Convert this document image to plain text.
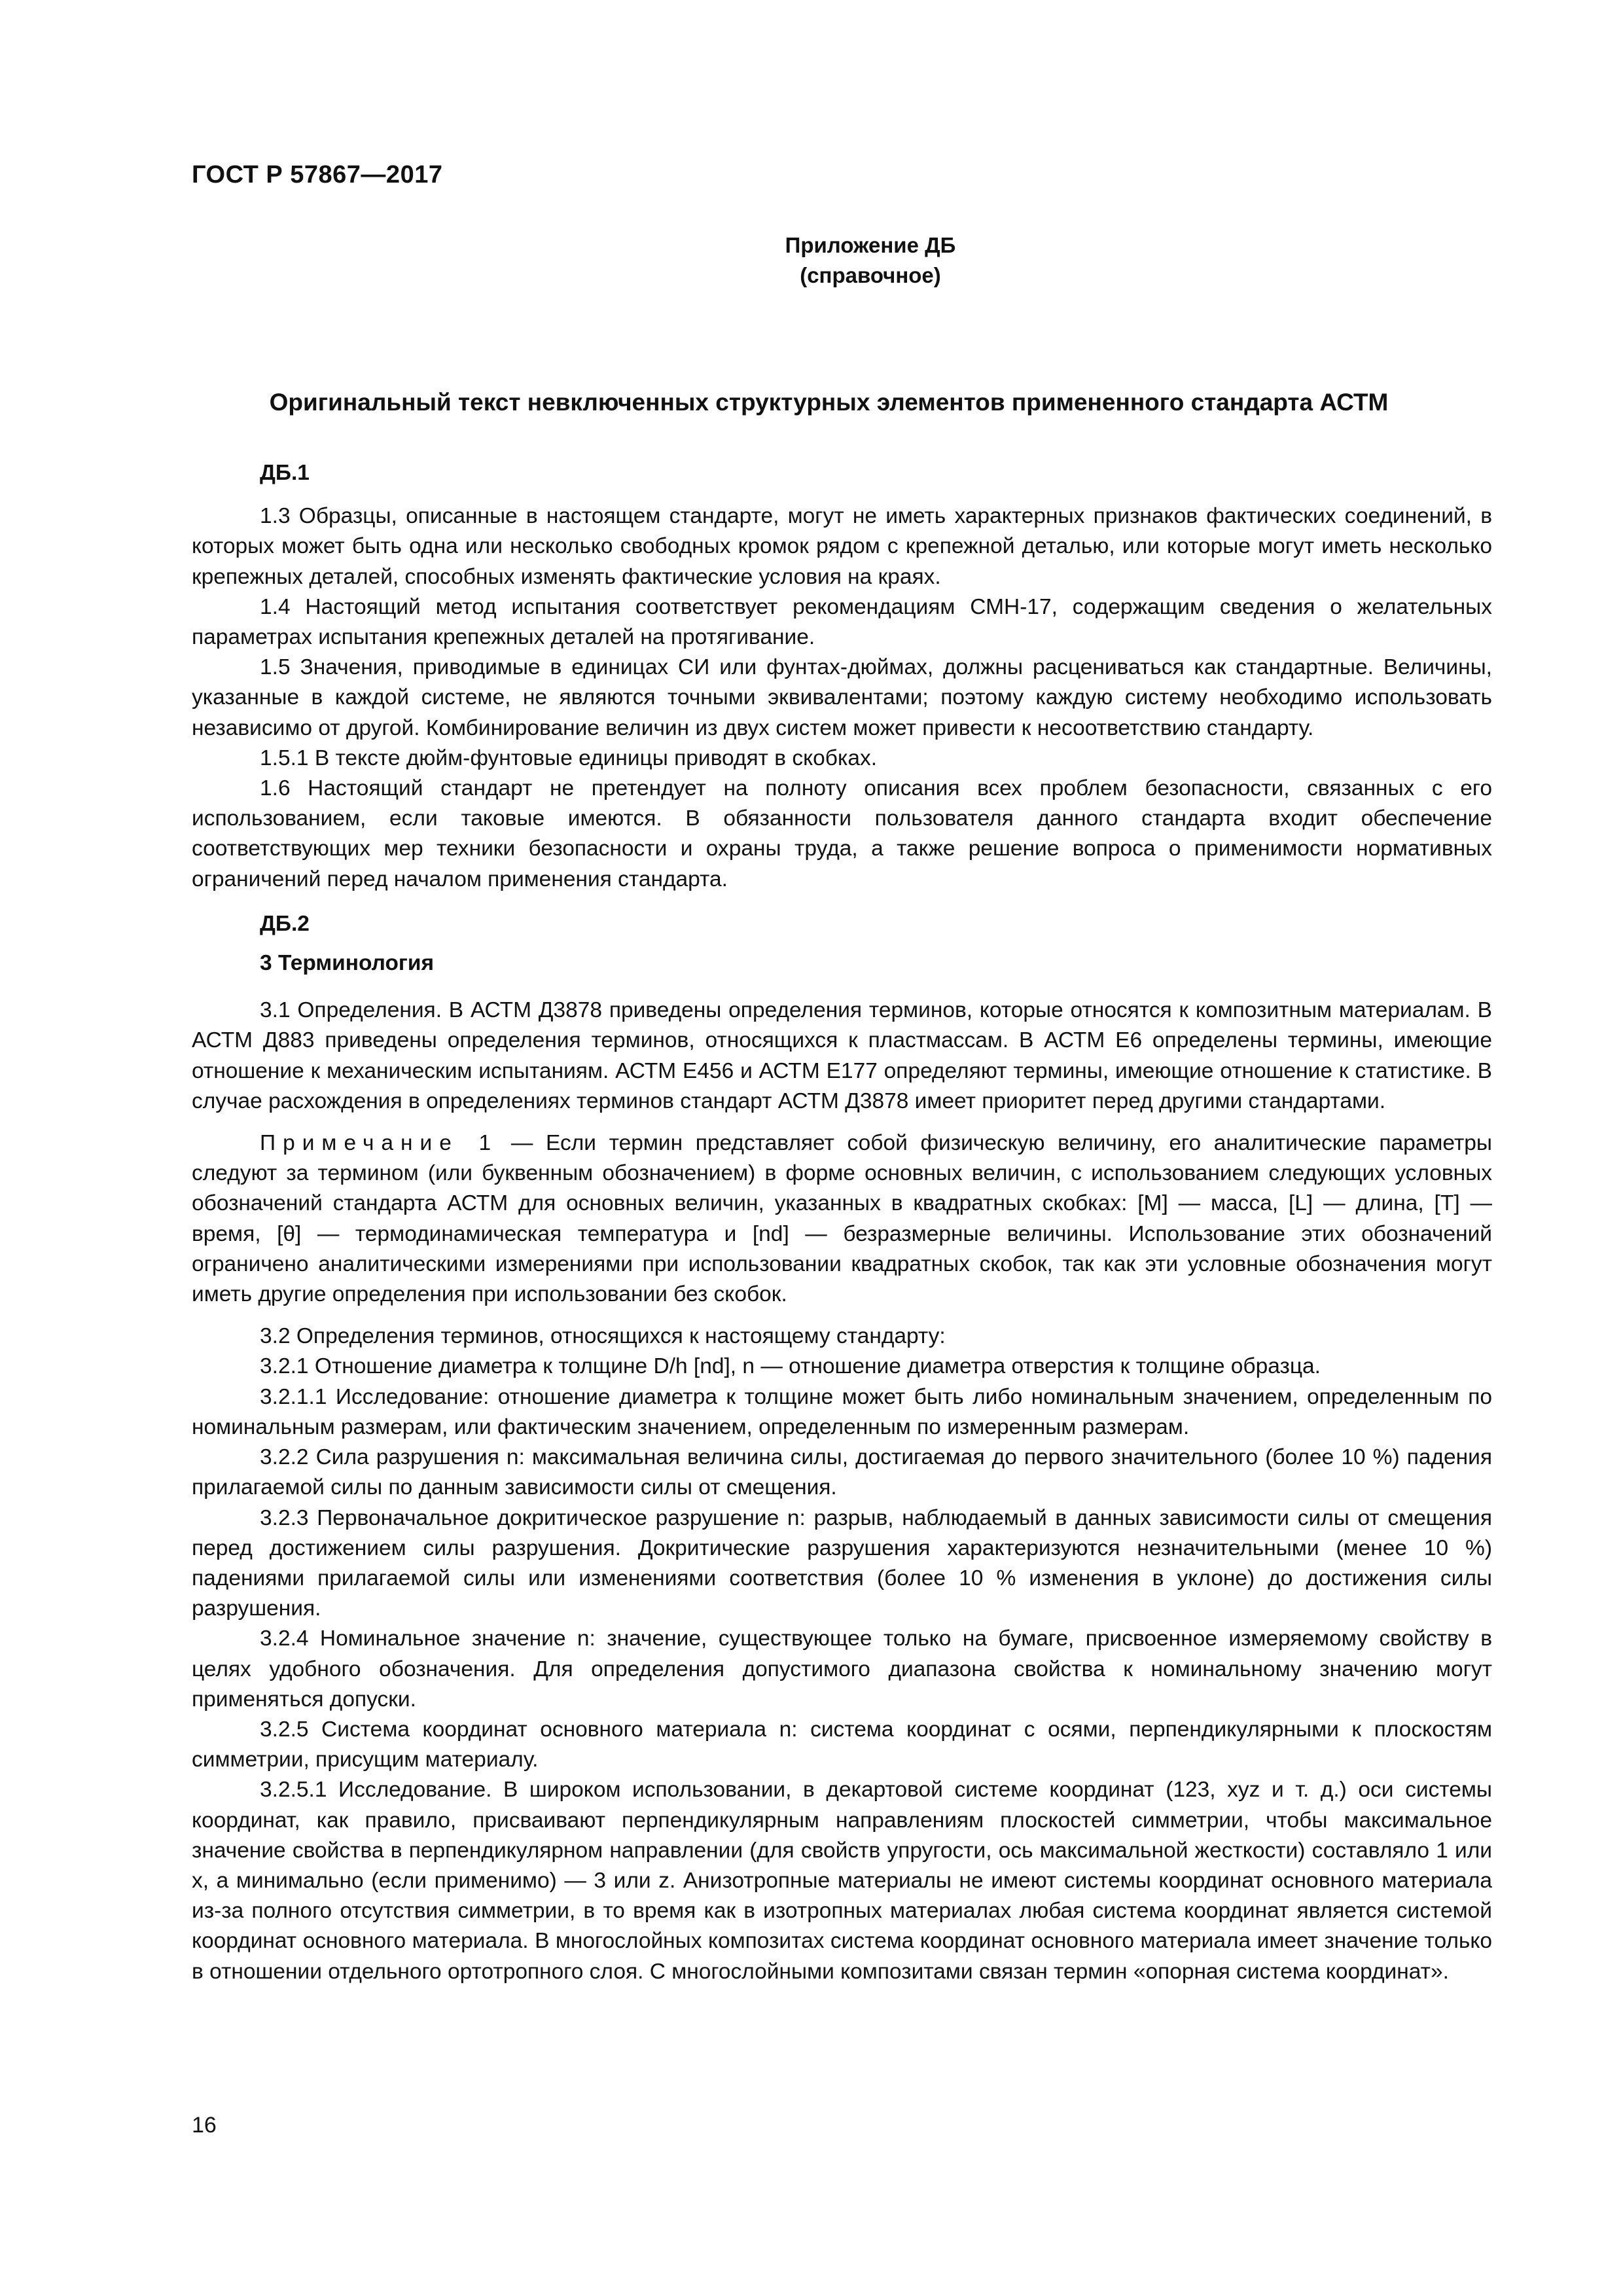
ГОСТ Р 57867—2017
Приложение ДБ
(справочное)
Оригинальный текст невключенных структурных элементов примененного стандарта АСТМ
ДБ.1

1.3 Образцы, описанные в настоящем стандарте, могут не иметь характерных признаков фактических соединений, в которых может быть одна или несколько свободных кромок рядом с крепежной деталью, или которые могут иметь несколько крепежных деталей, способных изменять фактические условия на краях.

1.4 Настоящий метод испытания соответствует рекомендациям СМН-17, содержащим сведения о желательных параметрах испытания крепежных деталей на протягивание.

1.5 Значения, приводимые в единицах СИ или фунтах-дюймах, должны расцениваться как стандартные. Величины, указанные в каждой системе, не являются точными эквивалентами; поэтому каждую систему необходимо использовать независимо от другой. Комбинирование величин из двух систем может привести к несоответствию стандарту.

1.5.1 В тексте дюйм-фунтовые единицы приводят в скобках.

1.6 Настоящий стандарт не претендует на полноту описания всех проблем безопасности, связанных с его использованием, если таковые имеются. В обязанности пользователя данного стандарта входит обеспечение соответствующих мер техники безопасности и охраны труда, а также решение вопроса о применимости нормативных ограничений перед началом применения стандарта.

ДБ.2
3 Терминология

3.1 Определения. В АСТМ Д3878 приведены определения терминов, которые относятся к композитным материалам. В АСТМ Д883 приведены определения терминов, относящихся к пластмассам. В АСТМ Е6 определены термины, имеющие отношение к механическим испытаниям. АСТМ Е456 и АСТМ Е177 определяют термины, имеющие отношение к статистике. В случае расхождения в определениях терминов стандарт АСТМ Д3878 имеет приоритет перед другими стандартами.

Примечание 1 — Если термин представляет собой физическую величину, его аналитические параметры следуют за термином (или буквенным обозначением) в форме основных величин, с использованием следующих условных обозначений стандарта АСТМ для основных величин, указанных в квадратных скобках: [M] — масса, [L] — длина, [T] — время, [θ] — термодинамическая температура и [nd] — безразмерные величины. Использование этих обозначений ограничено аналитическими измерениями при использовании квадратных скобок, так как эти условные обозначения могут иметь другие определения при использовании без скобок.

3.2 Определения терминов, относящихся к настоящему стандарту:

3.2.1 Отношение диаметра к толщине D/h [nd], n — отношение диаметра отверстия к толщине образца.

3.2.1.1 Исследование: отношение диаметра к толщине может быть либо номинальным значением, определенным по номинальным размерам, или фактическим значением, определенным по измеренным размерам.

3.2.2 Сила разрушения n: максимальная величина силы, достигаемая до первого значительного (более 10 %) падения прилагаемой силы по данным зависимости силы от смещения.

3.2.3 Первоначальное докритическое разрушение n: разрыв, наблюдаемый в данных зависимости силы от смещения перед достижением силы разрушения. Докритические разрушения характеризуются незначительными (менее 10 %) падениями прилагаемой силы или изменениями соответствия (более 10 % изменения в уклоне) до достижения силы разрушения.

3.2.4 Номинальное значение n: значение, существующее только на бумаге, присвоенное измеряемому свойству в целях удобного обозначения. Для определения допустимого диапазона свойства к номинальному значению могут применяться допуски.

3.2.5 Система координат основного материала n: система координат с осями, перпендикулярными к плоскостям симметрии, присущим материалу.

3.2.5.1 Исследование. В широком использовании, в декартовой системе координат (123, xyz и т. д.) оси системы координат, как правило, присваивают перпендикулярным направлениям плоскостей симметрии, чтобы максимальное значение свойства в перпендикулярном направлении (для свойств упругости, ось максимальной жесткости) составляло 1 или x, а минимально (если применимо) — 3 или z. Анизотропные материалы не имеют системы координат основного материала из-за полного отсутствия симметрии, в то время как в изотропных материалах любая система координат является системой координат основного материала. В многослойных композитах система координат основного материала имеет значение только в отношении отдельного ортотропного слоя. С многослойными композитами связан термин «опорная система координат».

16
